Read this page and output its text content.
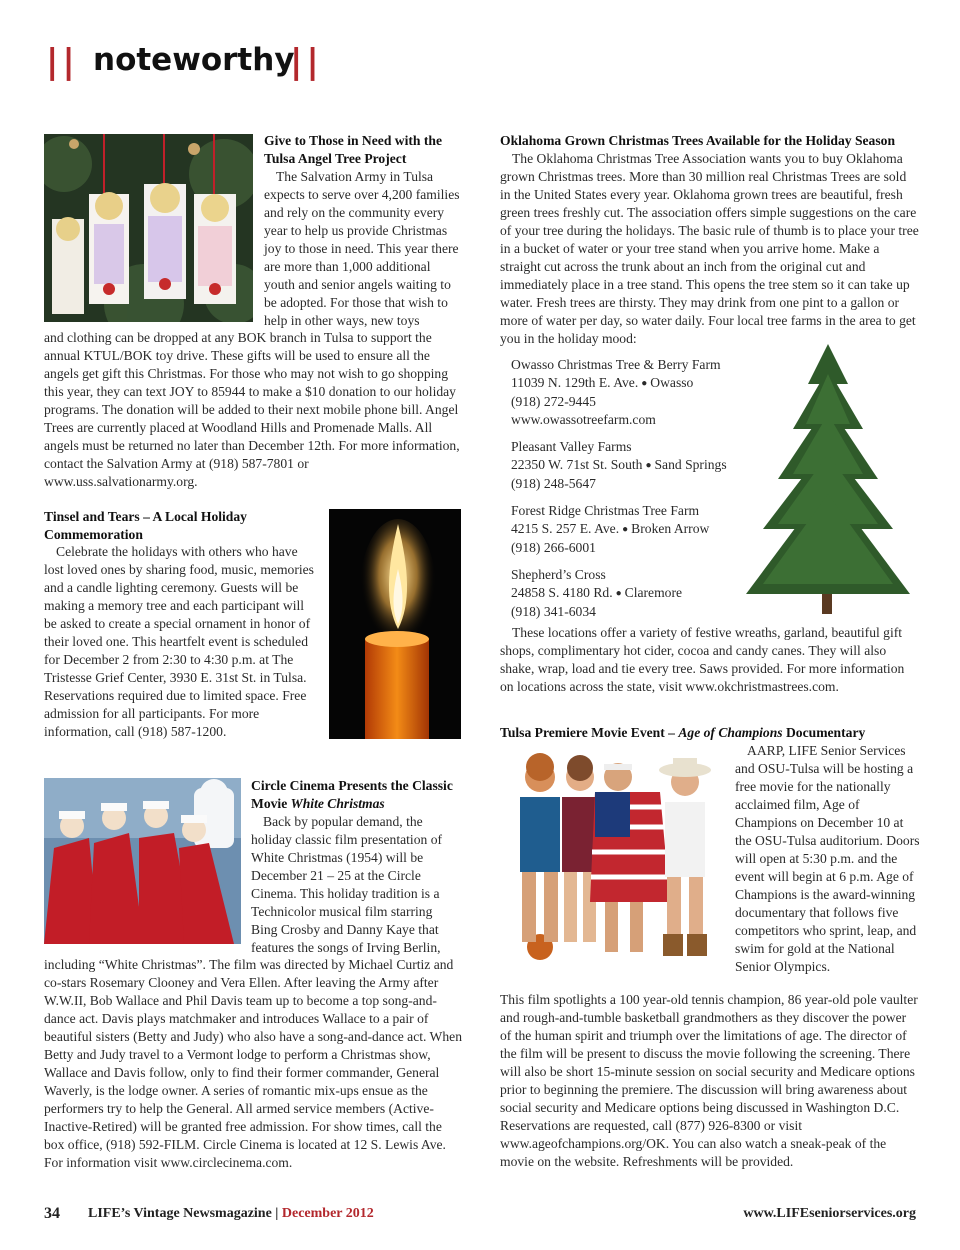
|| noteworthy
||
Give to Those in Need with the Tulsa Angel Tree Project

The Salvation Army in Tulsa expects to serve over 4,200 families and rely on the community every year to help us provide Christmas joy to those in need. This year there are more than 1,000 additional youth and senior angels waiting to be adopted. For those that wish to help in other ways, new toys

and clothing can be dropped at any BOK branch in Tulsa to support the annual KTUL/BOK toy drive. These gifts will be used to ensure all the angels get gift this Christmas. For those who may not wish to go shopping this year, they can text JOY to 85944 to make a $10 donation to our holiday programs. The donation will be added to their next mobile phone bill. Angel Trees are currently placed at Woodland Hills and Promenade Malls. All angels must be returned no later than December 12th. For more information, contact the Salvation Army at (918) 587-7801 or www.uss.salvationarmy.org.

Tinsel and Tears – A Local Holiday Commemoration

Celebrate the holidays with others who have lost loved ones by sharing food, music, memories and a candle lighting ceremony. Guests will be making a memory tree and each participant will be asked to create a special ornament in honor of their loved one. This heartfelt event is scheduled for December 2 from 2:30 to 4:30 p.m. at The Tristesse Grief Center, 3930 E. 31st St. in Tulsa. Reservations required due to limited space. Free admission for all participants. For more information, call (918) 587-1200.

Circle Cinema Presents the Classic Movie White Christmas

Back by popular demand, the holiday classic film presentation of White Christmas (1954) will be December 21 – 25 at the Circle Cinema. This holiday tradition is a Technicolor musical film starring Bing Crosby and Danny Kaye that features the songs of Irving Berlin,

including “White Christmas”. The film was directed by Michael Curtiz and co-stars Rosemary Clooney and Vera Ellen. After leaving the Army after W.W.II, Bob Wallace and Phil Davis team up to become a top song-and-dance act. Davis plays matchmaker and introduces Wallace to a pair of beautiful sisters (Betty and Judy) who also have a song-and-dance act. When Betty and Judy travel to a Vermont lodge to perform a Christmas show, Wallace and Davis follow, only to find their former commander, General Waverly, is the lodge owner. A series of romantic mix-ups ensue as the performers try to help the General. All armed service members (Active-Inactive-Retired) will be granted free admission. For show times, call the box office, (918) 592-FILM. Circle Cinema is located at 12 S. Lewis Ave. For information visit www.circlecinema.com.

Oklahoma Grown Christmas Trees Available for the Holiday Season

The Oklahoma Christmas Tree Association wants you to buy Oklahoma grown Christmas trees. More than 30 million real Christmas Trees are sold in the United States every year. Oklahoma grown trees are beautiful, fresh green trees freshly cut. The association offers simple suggestions on the care of your tree during the holidays. The basic rule of thumb is to place your tree in a bucket of water or your tree stand when you arrive home. Make a straight cut across the trunk about an inch from the original cut and immediately place in a tree stand. This opens the tree stem so it can take up water. Fresh trees are thirsty. They may drink from one pint to a gallon or more of water per day, so water daily. Four local tree farms in the area to get you in the holiday mood:

Owasso Christmas Tree & Berry Farm
11039 N. 129th E. Ave. ● Owasso
(918) 272-9445
www.owassotreefarm.com
Pleasant Valley Farms
22350 W. 71st St. South ● Sand Springs
(918) 248-5647
Forest Ridge Christmas Tree Farm
4215 S. 257 E. Ave. ● Broken Arrow
(918) 266-6001
Shepherd’s Cross
24858 S. 4180 Rd. ● Claremore
(918) 341-6034

These locations offer a variety of festive wreaths, garland, beautiful gift shops, complimentary hot cider, cocoa and candy canes. They will also shake, wrap, load and tie every tree. Saws provided. For more information on locations across the state, visit www.okchristmastrees.com.

Tulsa Premiere Movie Event – Age of Champions Documentary

AARP, LIFE Senior Services and OSU-Tulsa will be hosting a free movie for the nationally acclaimed film, Age of Champions on December 10 at the OSU-Tulsa auditorium. Doors will open at 5:30 p.m. and the event will begin at 6 p.m. Age of Champions is the award-winning documentary that follows five competitors who sprint, leap, and swim for gold at the National Senior Olympics.

This film spotlights a 100 year-old tennis champion, 86 year-old pole vaulter and rough-and-tumble basketball grandmothers as they discover the power of the human spirit and triumph over the limitations of age. The director of the film will be present to discuss the movie following the screening. There will also be short 15-minute session on social security and Medicare options prior to beginning the premiere. The discussion will bring awareness about social security and Medicare options being discussed in Washington D.C. Reservations are requested, call (877) 926-8300 or visit www.ageofchampions.org/OK. You can also watch a sneak-peak of the movie on the website. Refreshments will be provided.

34 LIFE’s Vintage Newsmagazine | December 2012	www.LIFEseniorservices.org
